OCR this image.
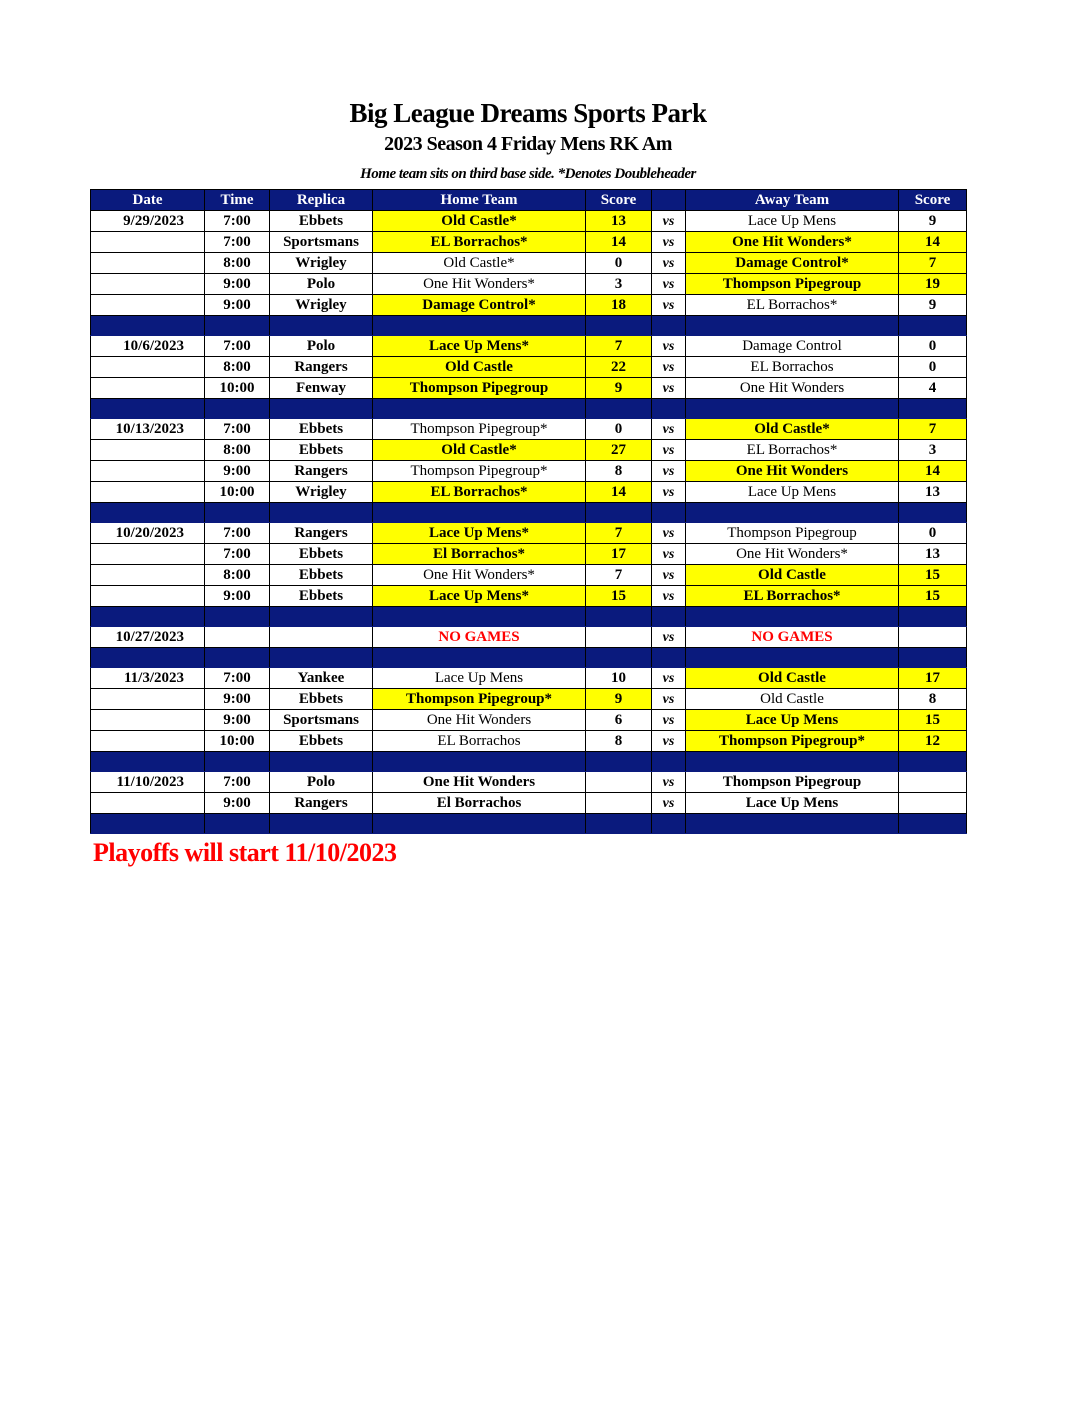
Big League Dreams Sports Park
2023 Season 4 Friday Mens RK Am
Home team sits on third base side. *Denotes Doubleheader
Date	Time	Replica	Home Team	Score		Away Team	Score
9/29/2023	7:00	Ebbets	Old Castle*	13	vs	Lace Up Mens	9
	7:00	Sportsmans	EL Borrachos*	14	vs	One Hit Wonders*	14
	8:00	Wrigley	Old Castle*	0	vs	Damage Control*	7
	9:00	Polo	One Hit Wonders*	3	vs	Thompson Pipegroup	19
	9:00	Wrigley	Damage Control*	18	vs	EL Borrachos*	9

10/6/2023	7:00	Polo	Lace Up Mens*	7	vs	Damage Control	0
	8:00	Rangers	Old Castle	22	vs	EL Borrachos	0
	10:00	Fenway	Thompson Pipegroup	9	vs	One Hit Wonders	4

10/13/2023	7:00	Ebbets	Thompson Pipegroup*	0	vs	Old Castle*	7
	8:00	Ebbets	Old Castle*	27	vs	EL Borrachos*	3
	9:00	Rangers	Thompson Pipegroup*	8	vs	One Hit Wonders	14
	10:00	Wrigley	EL Borrachos*	14	vs	Lace Up Mens	13

10/20/2023	7:00	Rangers	Lace Up Mens*	7	vs	Thompson Pipegroup	0
	7:00	Ebbets	El Borrachos*	17	vs	One Hit Wonders*	13
	8:00	Ebbets	One Hit Wonders*	7	vs	Old Castle	15
	9:00	Ebbets	Lace Up Mens*	15	vs	EL Borrachos*	15

10/27/2023			NO GAMES		vs	NO GAMES	

11/3/2023	7:00	Yankee	Lace Up Mens	10	vs	Old Castle	17
	9:00	Ebbets	Thompson Pipegroup*	9	vs	Old Castle	8
	9:00	Sportsmans	One Hit Wonders	6	vs	Lace Up Mens	15
	10:00	Ebbets	EL Borrachos	8	vs	Thompson Pipegroup*	12

11/10/2023	7:00	Polo	One Hit Wonders		vs	Thompson Pipegroup	
	9:00	Rangers	El Borrachos		vs	Lace Up Mens	

Playoffs will start 11/10/2023
